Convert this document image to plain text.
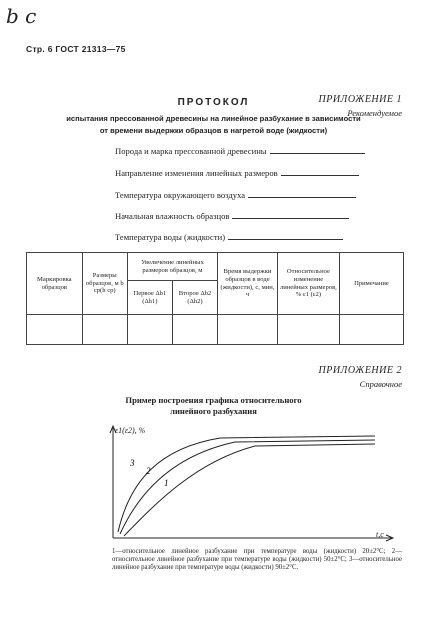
b c
Стр. 6 ГОСТ 21313—75
ПРИЛОЖЕНИЕ 1
Рекомендуемое
ПРОТОКОЛ
испытания прессованной древесины на линейное разбухание в зависимости
от времени выдержки образцов в нагретой воде (жидкости)
Порода и марка прессованной древесины
Направление изменения линейных размеров
Температура окружающего воздуха
Начальная влажность образцов
Температура воды (жидкости)
Маркировка образцов	Размеры образцов, м b cp(h cp)	Увеличение линейных размеров образцов, м		Время выдержки образцов в воде (жидкости), с, мин, ч	Относительное изменение линейных размеров, % ε1 (ε2)	Примечание
		Первое Δb1 (Δh1)	Второе Δb2 (Δh2)			

ПРИЛОЖЕНИЕ 2
Справочное
Пример построения графика относительного
линейного разбухания
ε1(ε2), %
t,c
3
2
1
1—относительное линейное разбухание при температуре воды (жидкости) 20±2°С; 2—относительное линейное разбухание при температуре воды (жидкости) 50±2°С; 3—относительное линейное разбухание при температуре воды (жидкости) 90±2°С.
